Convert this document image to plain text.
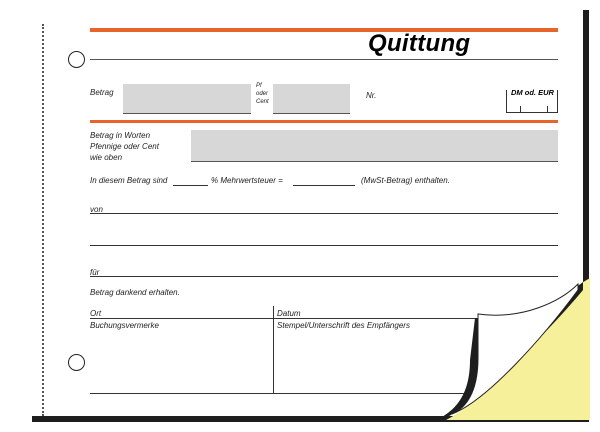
Quittung
Betrag
Pf
oder
Cent
Nr.	DM od. EUR
Betrag in Worten
Pfennige oder Cent
wie oben
In diesem Betrag sind	% Mehrwertsteuer =	(MwSt-Betrag) enthalten.
von
für
Betrag dankend erhalten.
Ort	Datum
Buchungsvermerke	Stempel/Unterschrift des Empfängers
